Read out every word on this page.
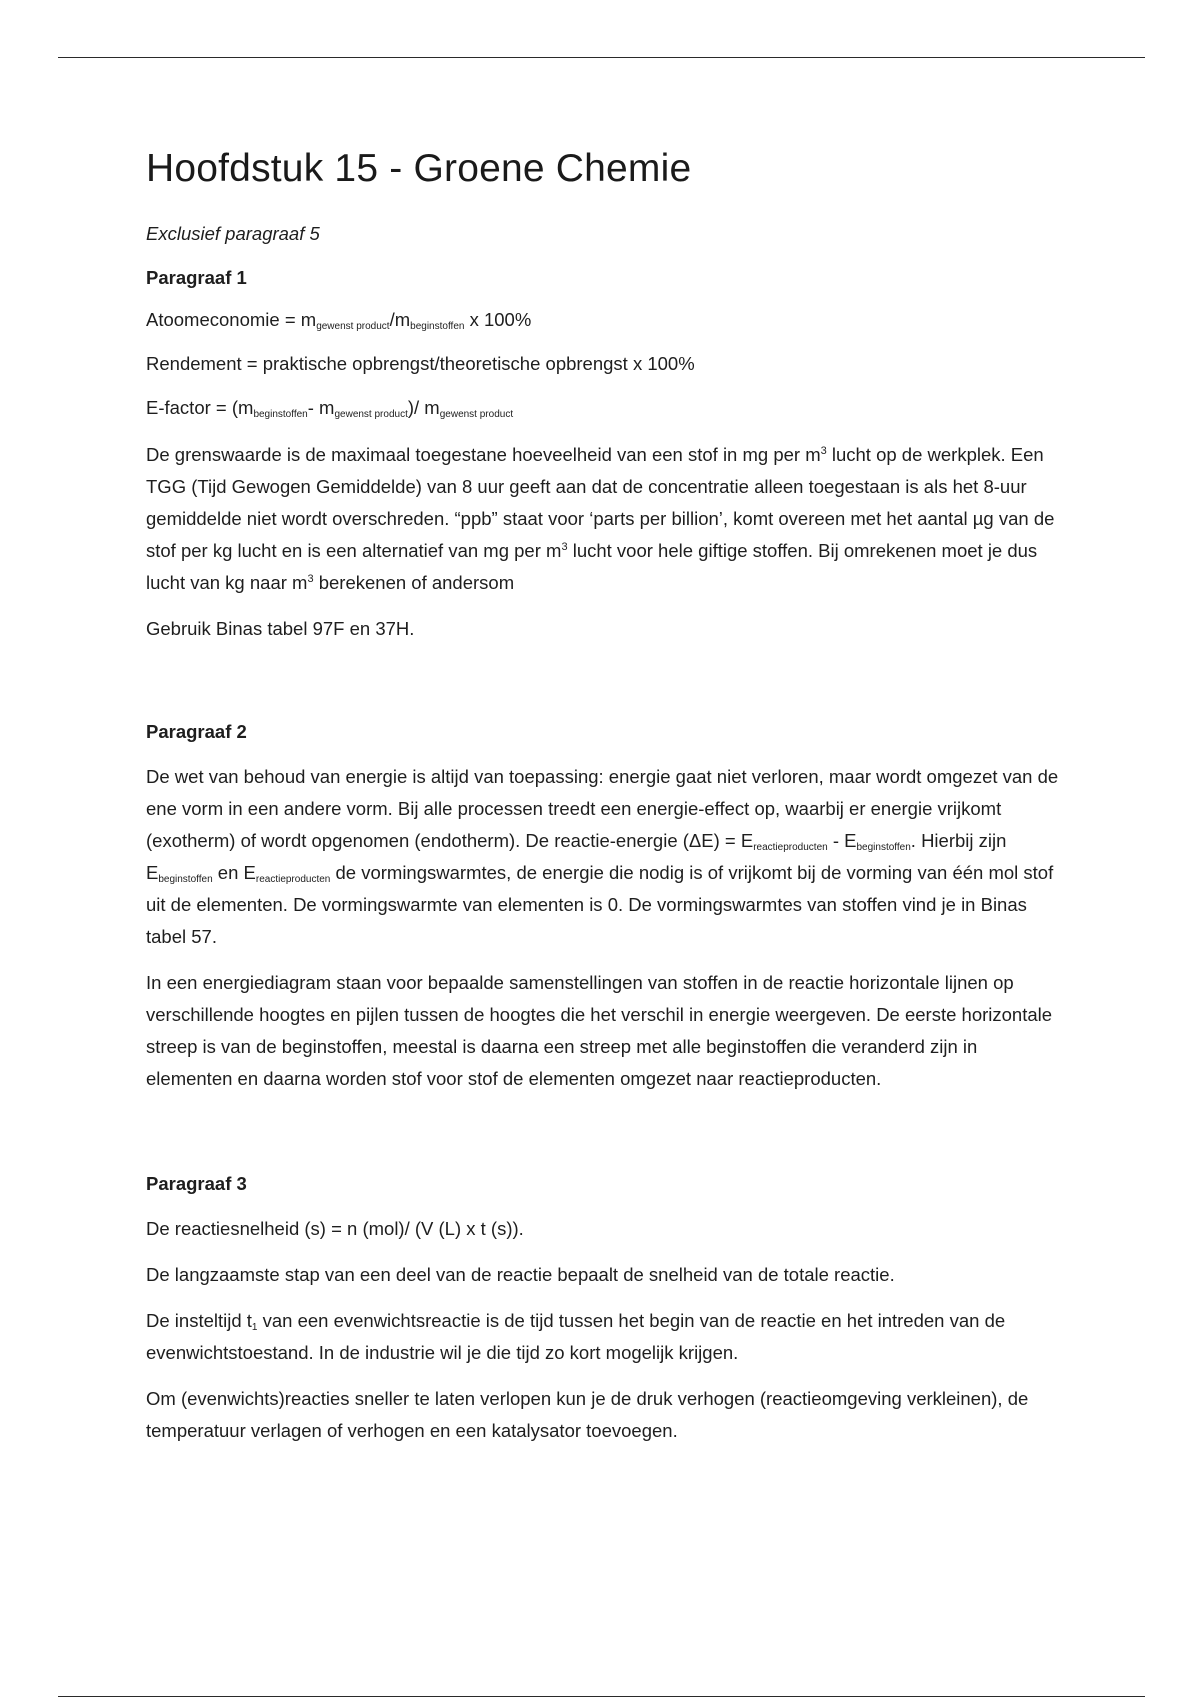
Hoofdstuk 15 - Groene Chemie
Exclusief paragraaf 5
Paragraaf 1

Atoomeconomie = $m_{gewenst product}/m_{beginstoffen}$ x 100%

Rendement = praktische opbrengst/theoretische opbrengst x 100%

E-factor = ($m_{beginstoffen}-$ $m_{gewenst product})/$ $m_{gewenst product}$

De grenswaarde is de maximaal toegestane hoeveelheid van een stof in mg per $m^3$ lucht op de werkplek. Een TGG (Tijd Gewogen Gemiddelde) van 8 uur geeft aan dat de concentratie alleen toegestaan is als het 8-uur gemiddelde niet wordt overschreden. “ppb” staat voor ‘parts per billion’, komt overeen met het aantal µg van de stof per kg lucht en is een alternatief van mg per $m^3$ lucht voor hele giftige stoffen. Bij omrekenen moet je dus lucht van kg naar $m^3$ berekenen of andersom

Gebruik Binas tabel 97F en 37H.

Paragraaf 2

De wet van behoud van energie is altijd van toepassing: energie gaat niet verloren, maar wordt omgezet van de ene vorm in een andere vorm. Bij alle processen treedt een energie-effect op, waarbij er energie vrijkomt (exotherm) of wordt opgenomen (endotherm). De reactie-energie $(\Delta E) = E_{reactieproducten} - E_{beginstoffen}$. Hierbij zijn $E_{beginstoffen}$ en $E_{reactieproducten}$ de vormingswarmtes, de energie die nodig is of vrijkomt bij de vorming van één mol stof uit de elementen. De vormingswarmte van elementen is 0. De vormingswarmtes van stoffen vind je in Binas tabel 57.

In een energiediagram staan voor bepaalde samenstellingen van stoffen in de reactie horizontale lijnen op verschillende hoogtes en pijlen tussen de hoogtes die het verschil in energie weergeven. De eerste horizontale streep is van de beginstoffen, meestal is daarna een streep met alle beginstoffen die veranderd zijn in elementen en daarna worden stof voor stof de elementen omgezet naar reactieproducten.

Paragraaf 3

De reactiesnelheid (s) = n (mol)/ (V (L) x t (s)).

De langzaamste stap van een deel van de reactie bepaalt de snelheid van de totale reactie.

De insteltijd $t_1$ van een evenwichtsreactie is de tijd tussen het begin van de reactie en het intreden van de evenwichtstoestand. In de industrie wil je die tijd zo kort mogelijk krijgen.

Om (evenwichts)reacties sneller te laten verlopen kun je de druk verhogen (reactieomgeving verkleinen), de temperatuur verlagen of verhogen en een katalysator toevoegen.
